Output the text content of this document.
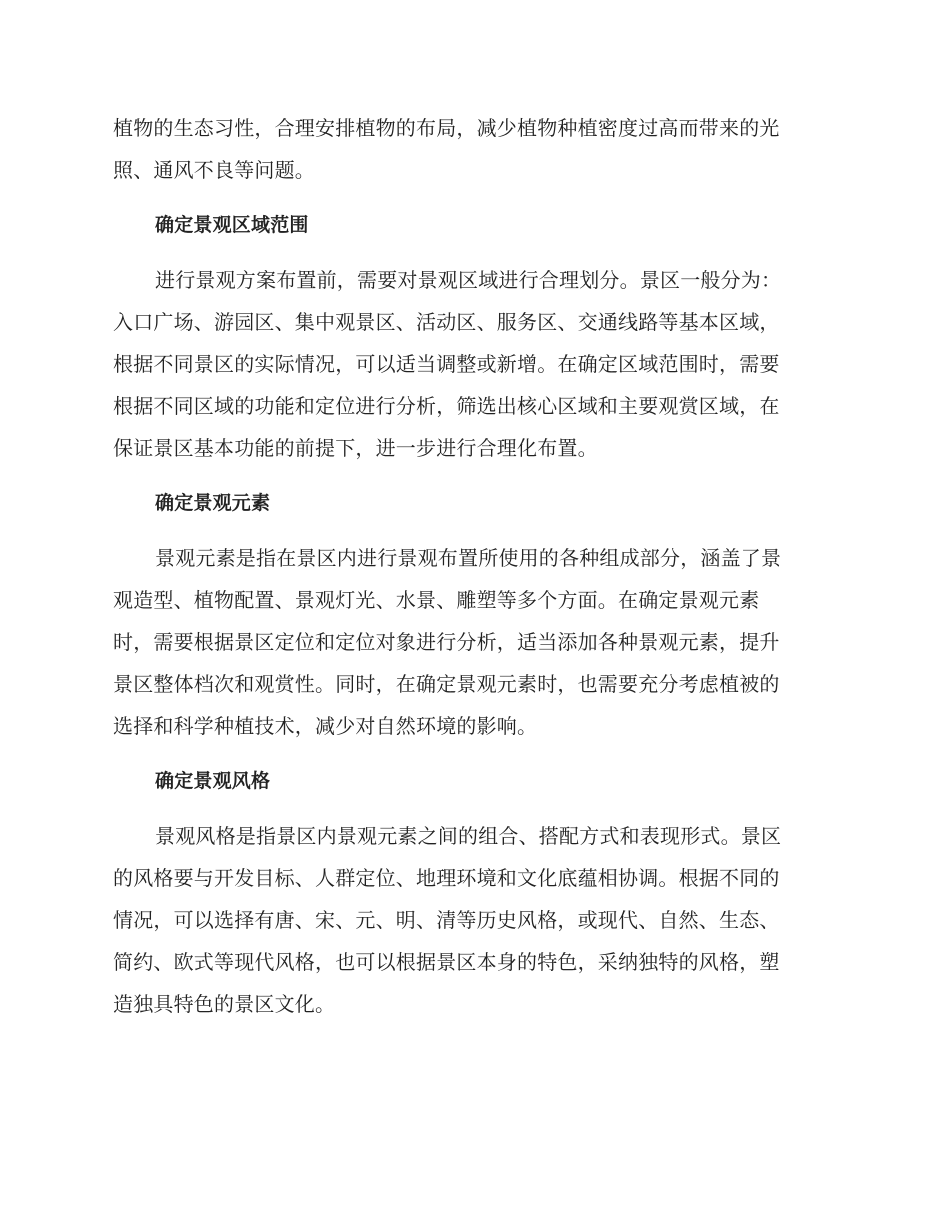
植物的生态习性，合理安排植物的布局，减少植物种植密度过高而带来的光
照、通风不良等问题。
确定景观区域范围
进行景观方案布置前，需要对景观区域进行合理划分。景区一般分为：
入口广场、游园区、集中观景区、活动区、服务区、交通线路等基本区域，
根据不同景区的实际情况，可以适当调整或新增。在确定区域范围时，需要
根据不同区域的功能和定位进行分析，筛选出核心区域和主要观赏区域，在
保证景区基本功能的前提下，进一步进行合理化布置。
确定景观元素
景观元素是指在景区内进行景观布置所使用的各种组成部分，涵盖了景
观造型、植物配置、景观灯光、水景、雕塑等多个方面。在确定景观元素
时，需要根据景区定位和定位对象进行分析，适当添加各种景观元素，提升
景区整体档次和观赏性。同时，在确定景观元素时，也需要充分考虑植被的
选择和科学种植技术，减少对自然环境的影响。
确定景观风格
景观风格是指景区内景观元素之间的组合、搭配方式和表现形式。景区
的风格要与开发目标、人群定位、地理环境和文化底蕴相协调。根据不同的
情况，可以选择有唐、宋、元、明、清等历史风格，或现代、自然、生态、
简约、欧式等现代风格，也可以根据景区本身的特色，采纳独特的风格，塑
造独具特色的景区文化。
